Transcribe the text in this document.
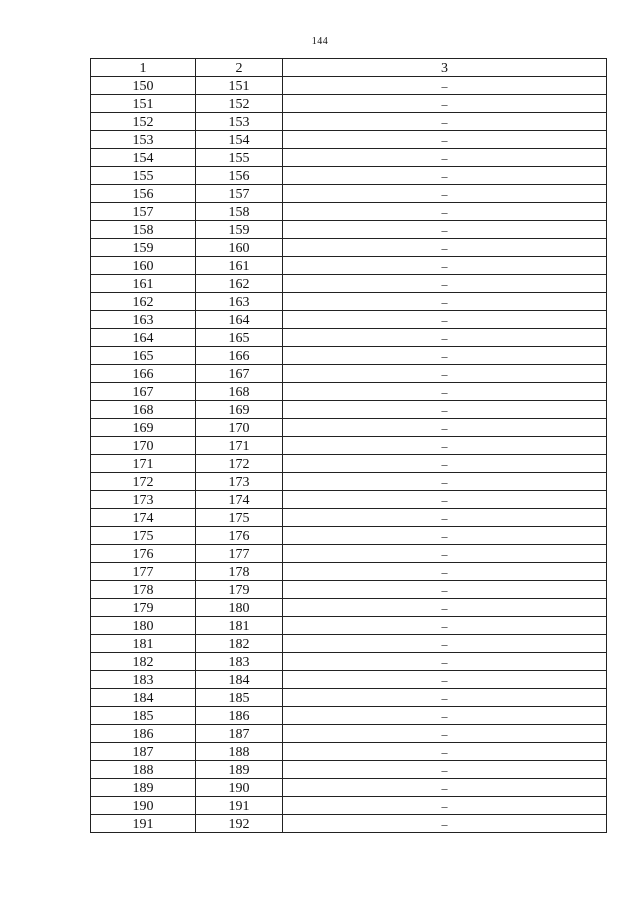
144
1	2	3
150	151	–
151	152	–
152	153	–
153	154	–
154	155	–
155	156	–
156	157	–
157	158	–
158	159	–
159	160	–
160	161	–
161	162	–
162	163	–
163	164	–
164	165	–
165	166	–
166	167	–
167	168	–
168	169	–
169	170	–
170	171	–
171	172	–
172	173	–
173	174	–
174	175	–
175	176	–
176	177	–
177	178	–
178	179	–
179	180	–
180	181	–
181	182	–
182	183	–
183	184	–
184	185	–
185	186	–
186	187	–
187	188	–
188	189	–
189	190	–
190	191	–
191	192	–
